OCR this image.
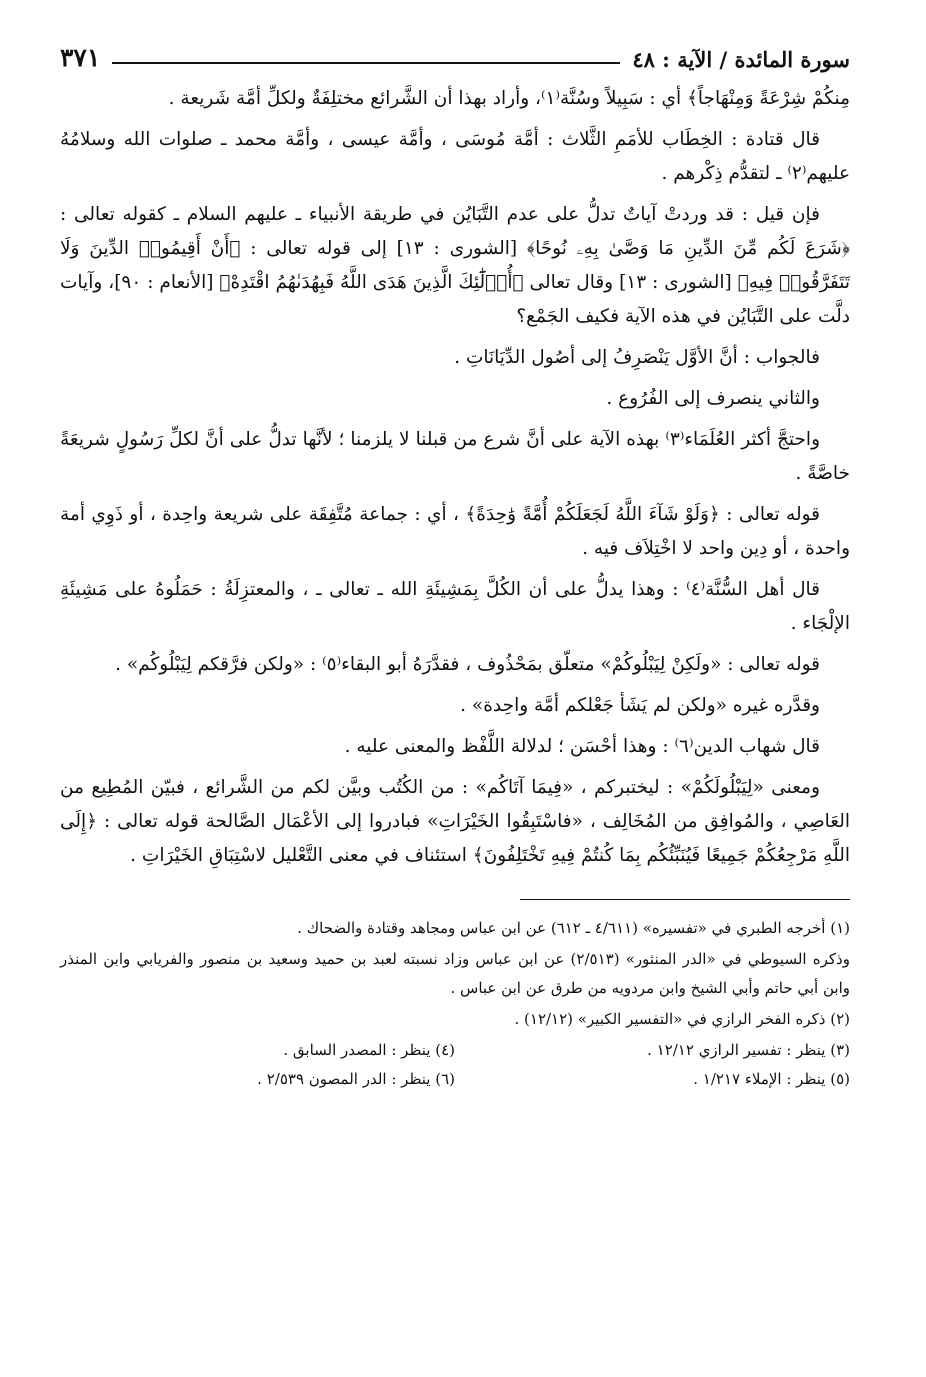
سورة المائدة / الآية : ٤٨
٣٧١

مِنكُمْ شِرْعَةً وَمِنْهَاجاً﴾ أي : سَبِيلاً وسُنَّة⁽١⁾، وأراد بهذا أن الشَّرائع مختلِفَةٌ ولكلِّ أمَّة شَريعة .

قال قتادة : الخِطَاب للأمَمِ الثَّلاث : أمَّة مُوسَى ، وأمَّة عيسى ، وأمَّة محمد ـ صلوات الله وسلامُهُ عليهم⁽٢⁾ ـ لتقدُّم ذِكْرهم .

فإن قيل : قد وردتْ آياتٌ تدلُّ على عدم التَّبَايُن في طريقة الأنبياء ـ عليهم السلام ـ كقوله تعالى : ﴿شَرَعَ لَكُم مِّنَ الدِّينِ مَا وَصَّىٰ بِهِۦ نُوحًا﴾ [الشورى : ١٣] إلى قوله تعالى : ﴿أَنْ أَقِيمُوا۟ الدِّينَ وَلَا تَتَفَرَّقُوا۟ فِيهِ﴾ [الشورى : ١٣] وقال تعالى ﴿أُو۟لَٰٓئِكَ الَّذِينَ هَدَى اللَّهُ فَبِهُدَىٰهُمُ اقْتَدِهْ﴾ [الأنعام : ٩٠]، وآيات دلَّت على التَّبَايُن في هذه الآية فكيف الجَمْع؟

فالجواب : أنَّ الأوَّل يَنْصَرِفُ إلى أصُول الدِّيَانَاتِ .

والثاني ينصرف إلى الفُرُوع .

واحتجَّ أكثر العُلَمَاء⁽٣⁾ بهذه الآية على أنَّ شرع من قبلنا لا يلزمنا ؛ لأنَّها تدلُّ على أنَّ لكلِّ رَسُولٍ شريعَةً خاصَّةً .

قوله تعالى : ﴿وَلَوْ شَآءَ اللَّهُ لَجَعَلَكُمْ أُمَّةً وَٰحِدَةً﴾ ، أي : جماعة مُتَّفِقَة على شريعة واحِدة ، أو ذَوِي أمة واحدة ، أو دِين واحد لا اخْتِلاَف فيه .

قال أهل السُّنَّة⁽٤⁾ : وهذا يدلُّ على أن الكُلَّ بِمَشِيئَةِ الله ـ تعالى ـ ، والمعتزِلَةُ : حَمَلُوهُ على مَشِيئَةِ الإلْجَاء .

قوله تعالى : «ولَكِنْ لِيَبْلُوكُمْ» متعلّق بمَحْذُوف ، فقدَّرَهُ أبو البقاء⁽٥⁾ : «ولكن فرَّقكم لِيَبْلُوكُم» .

وقدَّره غيره «ولكن لم يَشَأ جَعْلكم أمَّة واحِدة» .

قال شهاب الدين⁽٦⁾ : وهذا أحْسَن ؛ لدلالة اللَّفْظ والمعنى عليه .

ومعنى «لِيَبْلُولَكُمْ» : ليختبركم ، «فِيمَا آتَاكُم» : من الكُتُب وبيَّن لكم من الشَّرائع ، فبيّن المُطِيع من العَاصِي ، والمُوافِق من المُخَالِف ، «فاسْتَبِقُوا الخَيْرَاتِ» فبادروا إلى الأعْمَال الصَّالحة قوله تعالى : ﴿إِلَى اللَّهِ مَرْجِعُكُمْ جَمِيعًا فَيُنَبِّئُكُم بِمَا كُنتُمْ فِيهِ تَخْتَلِفُونَ﴾ استئناف في معنى التَّعْليل لاسْتِبَاقِ الخَيْرَاتِ .

(١) أخرجه الطبري في «تفسيره» (٤/٦١١ ـ ٦١٢) عن ابن عباس ومجاهد وقتادة والضحاك .

وذكره السيوطي في «الدر المنثور» (٢/٥١٣) عن ابن عباس وزاد نسبته لعبد بن حميد وسعيد بن منصور والفريابي وابن المنذر وابن أبي حاتم وأبي الشيخ وابن مردويه من طرق عن ابن عباس .

(٢) ذكره الفخر الرازي في «التفسير الكبير» (١٢/١٢) .

(٣) ينظر : تفسير الرازي ١٢/١٢ .

(٤) ينظر : المصدر السابق .

(٥) ينظر : الإملاء ١/٢١٧ .

(٦) ينظر : الدر المصون ٢/٥٣٩ .
